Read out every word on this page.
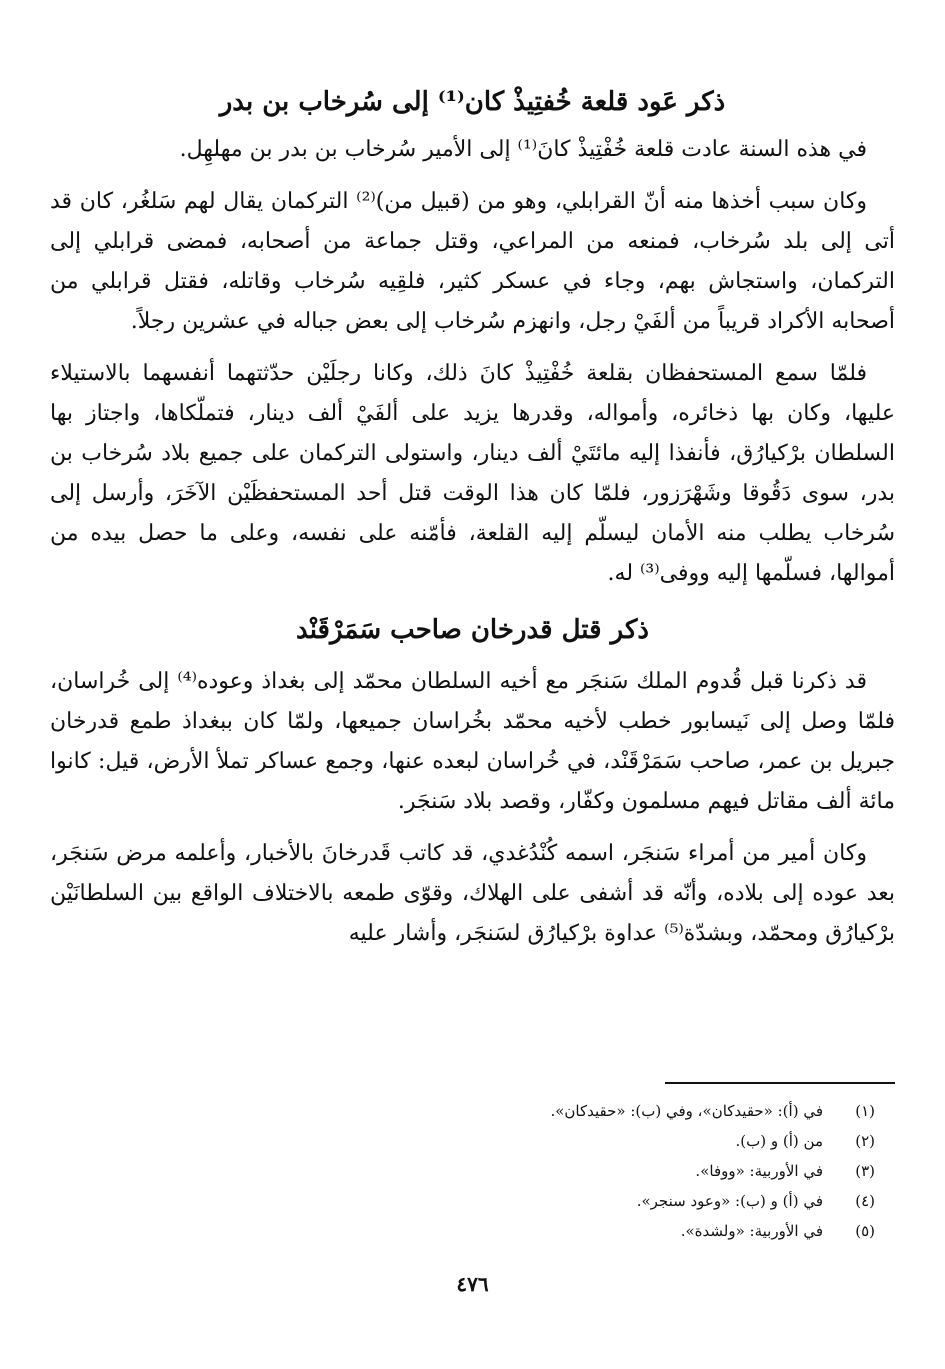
ذكر عَود قلعة خُفتِيذْ كان⁽¹⁾ إلى سُرخاب بن بدر

في هذه السنة عادت قلعة خُفْتِيذْ كانَ⁽¹⁾ إلى الأمير سُرخاب بن بدر بن مهلهِل.

وكان سبب أخذها منه أنّ القرابلي، وهو من (قبيل من)⁽²⁾ التركمان يقال لهم سَلغُر، كان قد أتى إلى بلد سُرخاب، فمنعه من المراعي، وقتل جماعة من أصحابه، فمضى قرابلي إلى التركمان، واستجاش بهم، وجاء في عسكر كثير، فلقِيه سُرخاب وقاتله، فقتل قرابلي من أصحابه الأكراد قريباً من ألفَيْ رجل، وانهزم سُرخاب إلى بعض جباله في عشرين رجلاً.

فلمّا سمع المستحفظان بقلعة خُفْتِيذْ كانَ ذلك، وكانا رجلَيْن حدّثتهما أنفسهما بالاستيلاء عليها، وكان بها ذخائره، وأمواله، وقدرها يزيد على ألفَيْ ألف دينار، فتملّكاها، واجتاز بها السلطان برْكيارُق، فأنفذا إليه مائتَيْ ألف دينار، واستولى التركمان على جميع بلاد سُرخاب بن بدر، سوى دَقُوقا وشَهْرَزور، فلمّا كان هذا الوقت قتل أحد المستحفظَيْن الآخَرَ، وأرسل إلى سُرخاب يطلب منه الأمان ليسلّم إليه القلعة، فأمّنه على نفسه، وعلى ما حصل بيده من أموالها، فسلّمها إليه ووفى⁽³⁾ له.

ذكر قتل قدرخان صاحب سَمَرْقَنْد

قد ذكرنا قبل قُدوم الملك سَنجَر مع أخيه السلطان محمّد إلى بغداذ وعوده⁽⁴⁾ إلى خُراسان، فلمّا وصل إلى نَيسابور خطب لأخيه محمّد بخُراسان جميعها، ولمّا كان ببغداذ طمع قدرخان جبريل بن عمر، صاحب سَمَرْقَنْد، في خُراسان لبعده عنها، وجمع عساكر تملأ الأرض، قيل: كانوا مائة ألف مقاتل فيهم مسلمون وكفّار، وقصد بلاد سَنجَر.

وكان أمير من أمراء سَنجَر، اسمه كُنْدُغدي، قد كاتب قَدرخانَ بالأخبار، وأعلمه مرض سَنجَر، بعد عوده إلى بلاده، وأنّه قد أشفى على الهلاك، وقوّى طمعه بالاختلاف الواقع بين السلطانَيْن برْكيارُق ومحمّد، وبشدّة⁽⁵⁾ عداوة برْكيارُق لسَنجَر، وأشار عليه

(١)
في (أ): «حقيدكان»، وفي (ب): «حقيدكان».
(٢)
من (أ) و (ب).
(٣)
في الأوربية: «ووفا».
(٤)
في (أ) و (ب): «وعود سنجر».
(٥)
في الأوربية: «ولشدة».
٤٧٦
